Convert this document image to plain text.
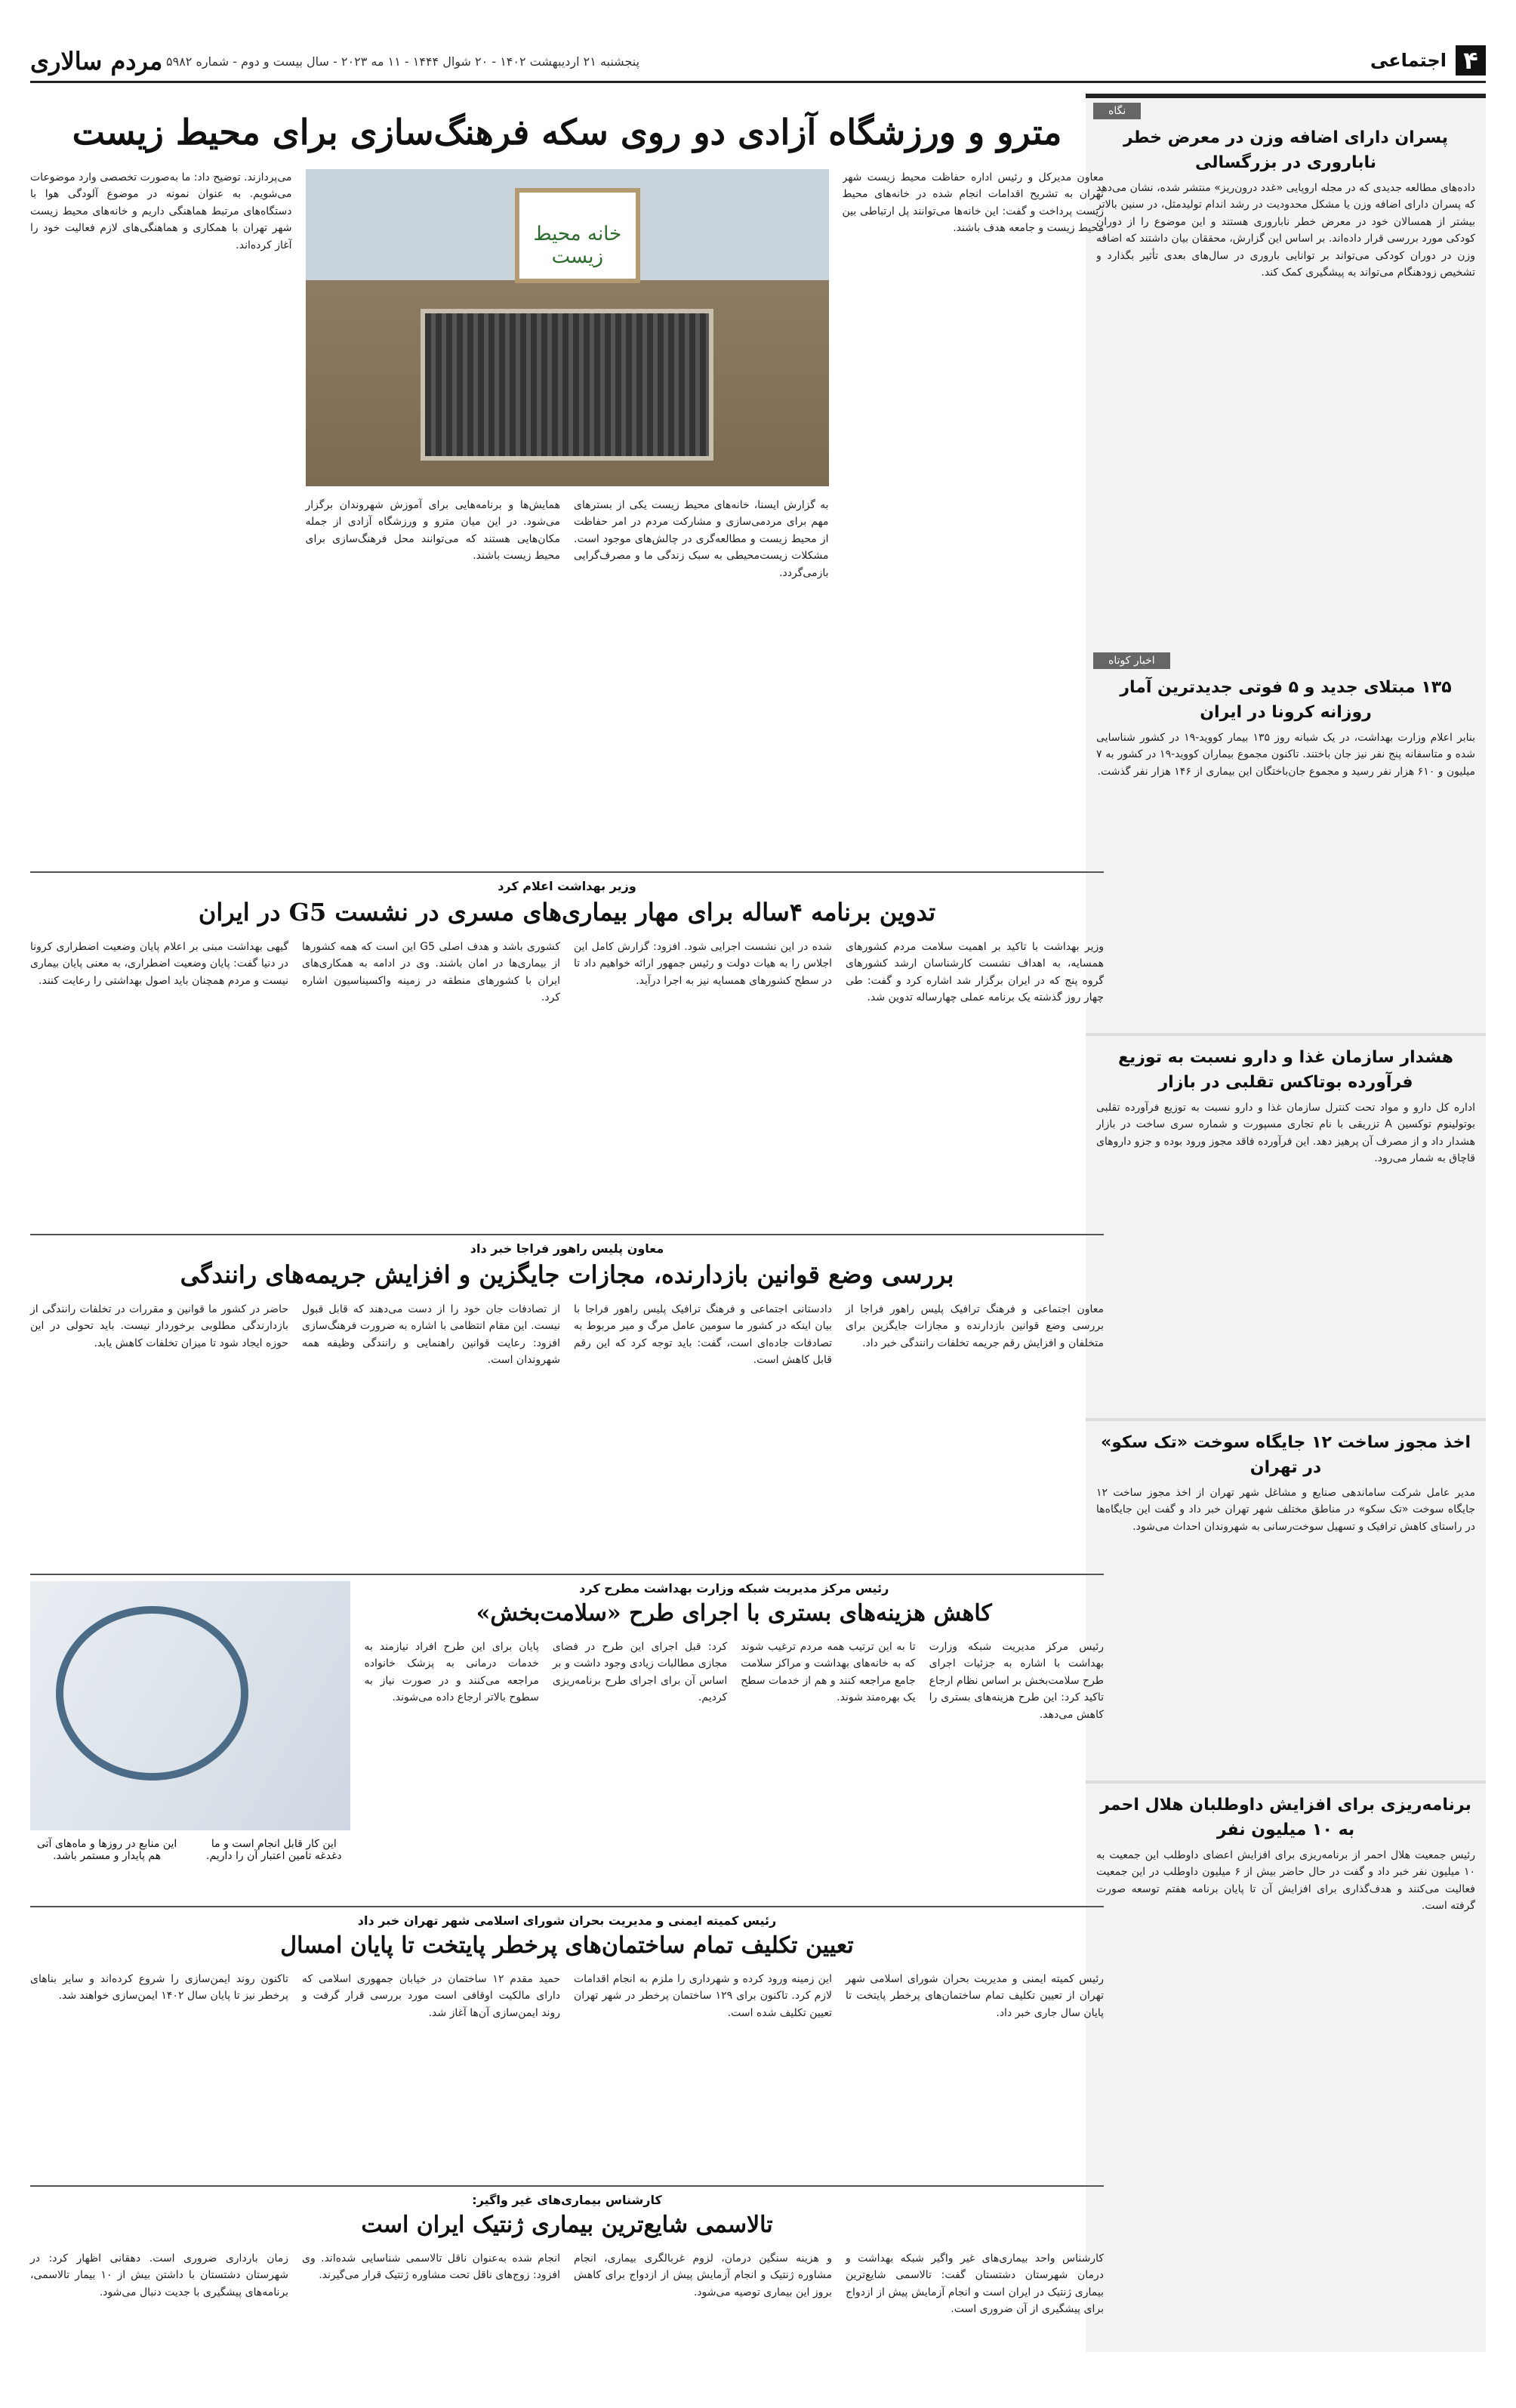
۴
اجتماعی
مردم سالاری پنجشنبه ۲۱ اردیبهشت ۱۴۰۲ - ۲۰ شوال ۱۴۴۴ - ۱۱ مه ۲۰۲۳ - سال بیست و دوم - شماره ۵۹۸۲
نگاه
پسران دارای اضافه وزن در معرض خطر ناباروری در بزرگسالی
داده‌های مطالعه جدیدی که در مجله اروپایی «غدد درون‌ریز» منتشر شده، نشان می‌دهد که پسران دارای اضافه وزن یا مشکل محدودیت در رشد اندام تولیدمثل، در سنین بالاتر بیشتر از همسالان خود در معرض خطر ناباروری هستند و این موضوع را از دوران کودکی مورد بررسی قرار داده‌اند. بر اساس این گزارش، محققان بیان داشتند که اضافه وزن در دوران کودکی می‌تواند بر توانایی باروری در سال‌های بعدی تأثیر بگذارد و تشخیص زودهنگام می‌تواند به پیشگیری کمک کند.
اخبار کوتاه
۱۳۵ مبتلای جدید و ۵ فوتی جدیدترین آمار روزانه کرونا در ایران
بنابر اعلام وزارت بهداشت، در یک شبانه روز ۱۳۵ بیمار کووید-۱۹ در کشور شناسایی شده و متاسفانه پنج نفر نیز جان باختند. تاکنون مجموع بیماران کووید-۱۹ در کشور به ۷ میلیون و ۶۱۰ هزار نفر رسید و مجموع جان‌باختگان این بیماری از ۱۴۶ هزار نفر گذشت.
هشدار سازمان غذا و دارو نسبت به توزیع فرآورده بوتاکس تقلبی در بازار
اداره کل دارو و مواد تحت کنترل سازمان غذا و دارو نسبت به توزیع فرآورده تقلبی بوتولینوم توکسین A تزریقی با نام تجاری مسپورت و شماره سری ساخت در بازار هشدار داد و از مصرف آن پرهیز دهد. این فرآورده فاقد مجوز ورود بوده و جزو داروهای قاچاق به شمار می‌رود.
اخذ مجوز ساخت ۱۲ جایگاه سوخت «تک سکو» در تهران
مدیر عامل شرکت ساماندهی صنایع و مشاغل شهر تهران از اخذ مجوز ساخت ۱۲ جایگاه سوخت «تک سکو» در مناطق مختلف شهر تهران خبر داد و گفت این جایگاه‌ها در راستای کاهش ترافیک و تسهیل سوخت‌رسانی به شهروندان احداث می‌شود.
برنامه‌ریزی برای افزایش داوطلبان هلال احمر به ۱۰ میلیون نفر
رئیس جمعیت هلال احمر از برنامه‌ریزی برای افزایش اعضای داوطلب این جمعیت به ۱۰ میلیون نفر خبر داد و گفت در حال حاضر بیش از ۶ میلیون داوطلب در این جمعیت فعالیت می‌کنند و هدف‌گذاری برای افزایش آن تا پایان برنامه هفتم توسعه صورت گرفته است.
مترو و ورزشگاه آزادی دو روی سکه فرهنگ‌سازی برای محیط زیست
معاون مدیرکل و رئیس اداره حفاظت محیط زیست شهر تهران به تشریح اقدامات انجام شده در خانه‌های محیط زیست پرداخت و گفت: این خانه‌ها می‌توانند پل ارتباطی بین محیط زیست و جامعه هدف باشند.
خانه محیط زیست
به گزارش ایسنا، خانه‌های محیط زیست یکی از بسترهای مهم برای مردمی‌سازی و مشارکت مردم در امر حفاظت از محیط زیست و مطالعه‌گری در چالش‌های موجود است. مشکلات زیست‌محیطی به سبک زندگی ما و مصرف‌گرایی بازمی‌گردد.
همایش‌ها و برنامه‌هایی برای آموزش شهروندان برگزار می‌شود. در این میان مترو و ورزشگاه آزادی از جمله مکان‌هایی هستند که می‌توانند محل فرهنگ‌سازی برای محیط زیست باشند.
می‌پردازند. توضیح داد: ما به‌صورت تخصصی وارد موضوعات می‌شویم. به عنوان نمونه در موضوع آلودگی هوا با دستگاه‌های مرتبط هماهنگی داریم و خانه‌های محیط زیست شهر تهران با همکاری و هماهنگی‌های لازم فعالیت خود را آغاز کرده‌اند.
وزیر بهداشت اعلام کرد
تدوین برنامه ۴ساله برای مهار بیماری‌های مسری در نشست G5 در ایران
وزیر بهداشت با تاکید بر اهمیت سلامت مردم کشورهای همسایه، به اهداف نشست کارشناسان ارشد کشورهای گروه پنج که در ایران برگزار شد اشاره کرد و گفت: طی چهار روز گذشته یک برنامه عملی چهارساله تدوین شد.
شده در این نشست اجرایی شود. افزود: گزارش کامل این اجلاس را به هیات دولت و رئیس جمهور ارائه خواهیم داد تا در سطح کشورهای همسایه نیز به اجرا درآید.
کشوری باشد و هدف اصلی G5 این است که همه کشورها از بیماری‌ها در امان باشند. وی در ادامه به همکاری‌های ایران با کشورهای منطقه در زمینه واکسیناسیون اشاره کرد.
گیهی بهداشت مبنی بر اعلام پایان وضعیت اضطراری کرونا در دنیا گفت: پایان وضعیت اضطراری، به معنی پایان بیماری نیست و مردم همچنان باید اصول بهداشتی را رعایت کنند.
معاون پلیس راهور فراجا خبر داد
بررسی وضع قوانین بازدارنده، مجازات جایگزین و افزایش جریمه‌های رانندگی
معاون اجتماعی و فرهنگ ترافیک پلیس راهور فراجا از بررسی وضع قوانین بازدارنده و مجازات جایگزین برای متخلفان و افزایش رقم جریمه تخلفات رانندگی خبر داد.
دادستانی اجتماعی و فرهنگ ترافیک پلیس راهور فراجا با بیان اینکه در کشور ما سومین عامل مرگ و میر مربوط به تصادفات جاده‌ای است، گفت: باید توجه کرد که این رقم قابل کاهش است.
از تصادفات جان خود را از دست می‌دهند که قابل قبول نیست. این مقام انتظامی با اشاره به ضرورت فرهنگ‌سازی افزود: رعایت قوانین راهنمایی و رانندگی وظیفه همه شهروندان است.
حاضر در کشور ما قوانین و مقررات در تخلفات رانندگی از بازدارندگی مطلوبی برخوردار نیست. باید تحولی در این حوزه ایجاد شود تا میزان تخلفات کاهش یابد.
رئیس مرکز مدیریت شبکه وزارت بهداشت مطرح کرد
کاهش هزینه‌های بستری با اجرای طرح «سلامت‌بخش»
رئیس مرکز مدیریت شبکه وزارت بهداشت با اشاره به جزئیات اجرای طرح سلامت‌بخش بر اساس نظام ارجاع تاکید کرد: این طرح هزینه‌های بستری را کاهش می‌دهد.
تا به این ترتیب همه مردم ترغیب شوند که به خانه‌های بهداشت و مراکز سلامت جامع مراجعه کنند و هم از خدمات سطح یک بهره‌مند شوند.
کرد: قبل اجرای این طرح در فضای مجازی مطالبات زیادی وجود داشت و بر اساس آن برای اجرای طرح برنامه‌ریزی کردیم.
پایان برای این طرح افراد نیازمند به خدمات درمانی به پزشک خانواده مراجعه می‌کنند و در صورت نیاز به سطوح بالاتر ارجاع داده می‌شوند.
این کار قابل انجام است و ما دغدغه تامین اعتبار آن را داریم.
این منابع در روزها و ماه‌های آتی هم پایدار و مستمر باشد.
رئیس کمیته ایمنی و مدیریت بحران شورای اسلامی شهر تهران خبر داد
تعیین تکلیف تمام ساختمان‌های پرخطر پایتخت تا پایان امسال
رئیس کمیته ایمنی و مدیریت بحران شورای اسلامی شهر تهران از تعیین تکلیف تمام ساختمان‌های پرخطر پایتخت تا پایان سال جاری خبر داد.
این زمینه ورود کرده و شهرداری را ملزم به انجام اقدامات لازم کرد. تاکنون برای ۱۲۹ ساختمان پرخطر در شهر تهران تعیین تکلیف شده است.
حمید مقدم ۱۲ ساختمان در خیابان جمهوری اسلامی که دارای مالکیت اوقافی است مورد بررسی قرار گرفت و روند ایمن‌سازی آن‌ها آغاز شد.
تاکنون روند ایمن‌سازی را شروع کرده‌اند و سایر بناهای پرخطر نیز تا پایان سال ۱۴۰۲ ایمن‌سازی خواهند شد.
کارشناس بیماری‌های غیر واگیر:
تالاسمی شایع‌ترین بیماری ژنتیک ایران است
کارشناس واحد بیماری‌های غیر واگیر شبکه بهداشت و درمان شهرستان دشتستان گفت: تالاسمی شایع‌ترین بیماری ژنتیک در ایران است و انجام آزمایش پیش از ازدواج برای پیشگیری از آن ضروری است.
و هزینه سنگین درمان، لزوم غربالگری بیماری، انجام مشاوره ژنتیک و انجام آزمایش پیش از ازدواج برای کاهش بروز این بیماری توصیه می‌شود.
انجام شده به‌عنوان ناقل تالاسمی شناسایی شده‌اند. وی افزود: زوج‌های ناقل تحت مشاوره ژنتیک قرار می‌گیرند.
زمان بارداری ضروری است. دهقانی اظهار کرد: در شهرستان دشتستان با داشتن بیش از ۱۰ بیمار تالاسمی، برنامه‌های پیشگیری با جدیت دنبال می‌شود.
